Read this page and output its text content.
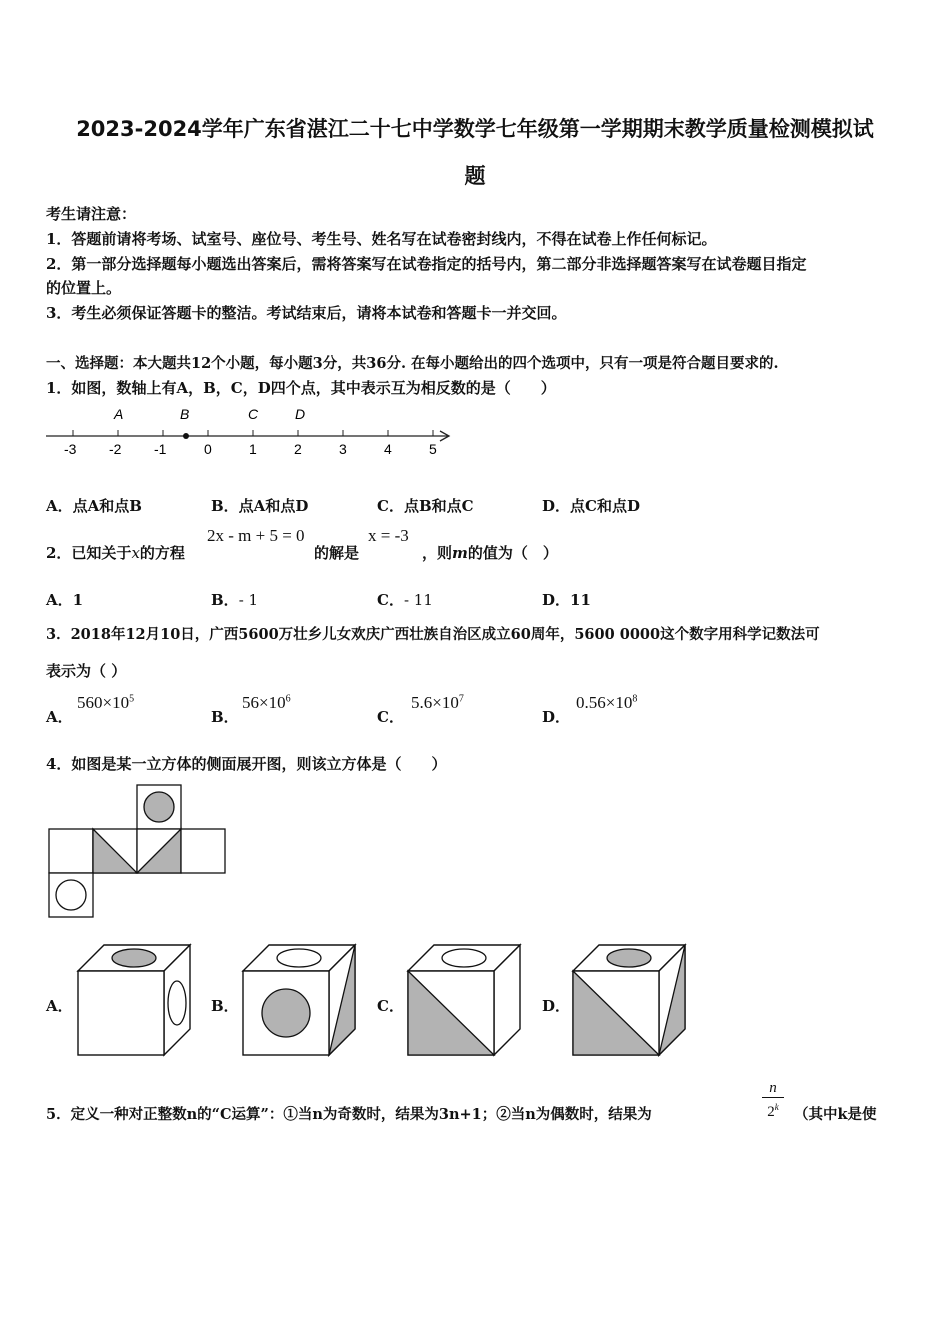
2023-2024学年广东省湛江二十七中学数学七年级第一学期期末教学质量检测模拟试
题
考生请注意：
1．答题前请将考场、试室号、座位号、考生号、姓名写在试卷密封线内，不得在试卷上作任何标记。
2．第一部分选择题每小题选出答案后，需将答案写在试卷指定的括号内，第二部分非选择题答案写在试卷题目指定
的位置上。
3．考生必须保证答题卡的整洁。考试结束后，请将本试卷和答题卡一并交回。
一、选择题：本大题共12个小题，每小题3分，共36分. 在每小题给出的四个选项中，只有一项是符合题目要求的.
1．如图，数轴上有A，B，C，D四个点，其中表示互为相反数的是（　　）
-3 -2 -1	0	1	2	3	4	5
A	B	C	D
A．点A和点B	B．点A和点D	C．点B和点C	D．点C和点D
2．已知关于x的方程
2x - m + 5 = 0
的解是
x = -3
，则m的值为（　）
A．1	B．- 1	C．- 11	D．11
3．2018年12月10日，广西5600万壮乡儿女欢庆广西壮族自治区成立60周年，5600 0000这个数字用科学记数法可
表示为（ ）
A．
$560\times 10^5$
B．
$56\times 10^6$
C．
$5.6\times 10^7$
D．
$0.56\times 10^8$
4．如图是某一立方体的侧面展开图，则该立方体是（　　）
A．	B．	C．	D．
5．定义一种对正整数n的“C运算”：①当n为奇数时，结果为3n+1；②当n为偶数时，结果为
n
2$^k$	（其中k是使
